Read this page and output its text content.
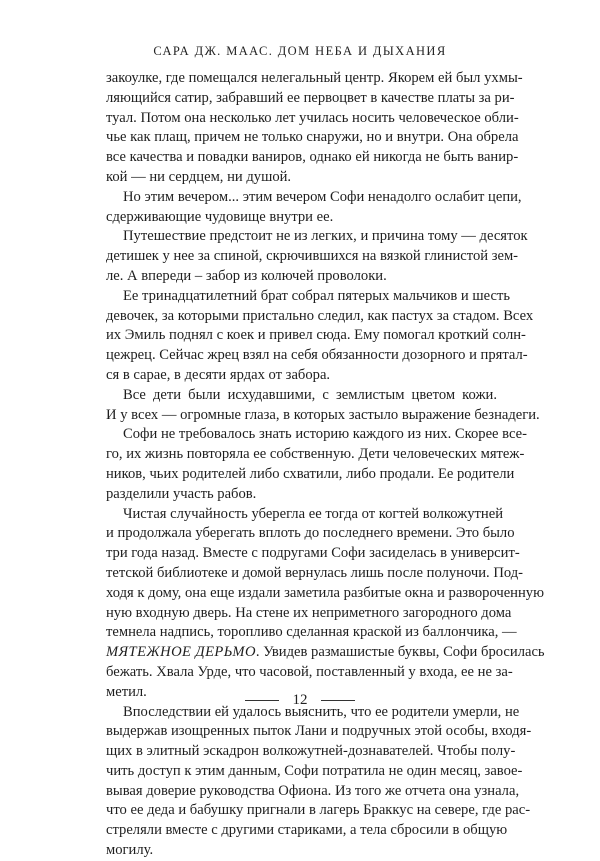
САРА ДЖ. МААС. ДОМ НЕБА И ДЫХАНИЯ

закоулке, где помещался нелегальный центр. Якорем ей был ухмы-
ляющийся сатир, забравший ее первоцвет в качестве платы за ри-
туал. Потом она несколько лет училась носить человеческое обли-
чье как плащ, причем не только снаружи, но и внутри. Она обрела
все качества и повадки ваниров, однако ей никогда не быть ванир-
кой — ни сердцем, ни душой.

Но этим вечером... этим вечером Софи ненадолго ослабит цепи,
сдерживающие чудовище внутри ее.

Путешествие предстоит не из легких, и причина тому — десяток
детишек у нее за спиной, скрючившихся на вязкой глинистой зем-
ле. А впереди – забор из колючей проволоки.

Ее тринадцатилетний брат собрал пятерых мальчиков и шесть
девочек, за которыми пристально следил, как пастух за стадом. Всех
их Эмиль поднял с коек и привел сюда. Ему помогал кроткий солн-
цежрец. Сейчас жрец взял на себя обязанности дозорного и прятал-
ся в сарае, в десяти ярдах от забора.

Все дети были исхудавшими, с землистым цветом кожи.
И у всех — огромные глаза, в которых застыло выражение безнадеги.

Софи не требовалось знать историю каждого из них. Скорее все-
го, их жизнь повторяла ее собственную. Дети человеческих мятеж-
ников, чьих родителей либо схватили, либо продали. Ее родители
разделили участь рабов.

Чистая случайность уберегла ее тогда от когтей волкожутней
и продолжала уберегать вплоть до последнего времени. Это было
три года назад. Вместе с подругами Софи засиделась в университ-
тетской библиотеке и домой вернулась лишь после полуночи. Под-
ходя к дому, она еще издали заметила разбитые окна и развороченную
ную входную дверь. На стене их неприметного загородного дома
темнела надпись, торопливо сделанная краской из баллончика, —
МЯТЕЖНОЕ ДЕРЬМО. Увидев размашистые буквы, Софи бросилась
бежать. Хвала Урде, что часовой, поставленный у входа, ее не за-
метил.

Впоследствии ей удалось выяснить, что ее родители умерли, не
выдержав изощренных пыток Лани и подручных этой особы, входя-
щих в элитный эскадрон волкожутней-дознавателей. Чтобы полу-
чить доступ к этим данным, Софи потратила не один месяц, завое-
вывая доверие руководства Офиона. Из того же отчета она узнала,
что ее деда и бабушку пригнали в лагерь Браккус на севере, где рас-
стреляли вместе с другими стариками, а тела сбросили в общую
могилу.

12
